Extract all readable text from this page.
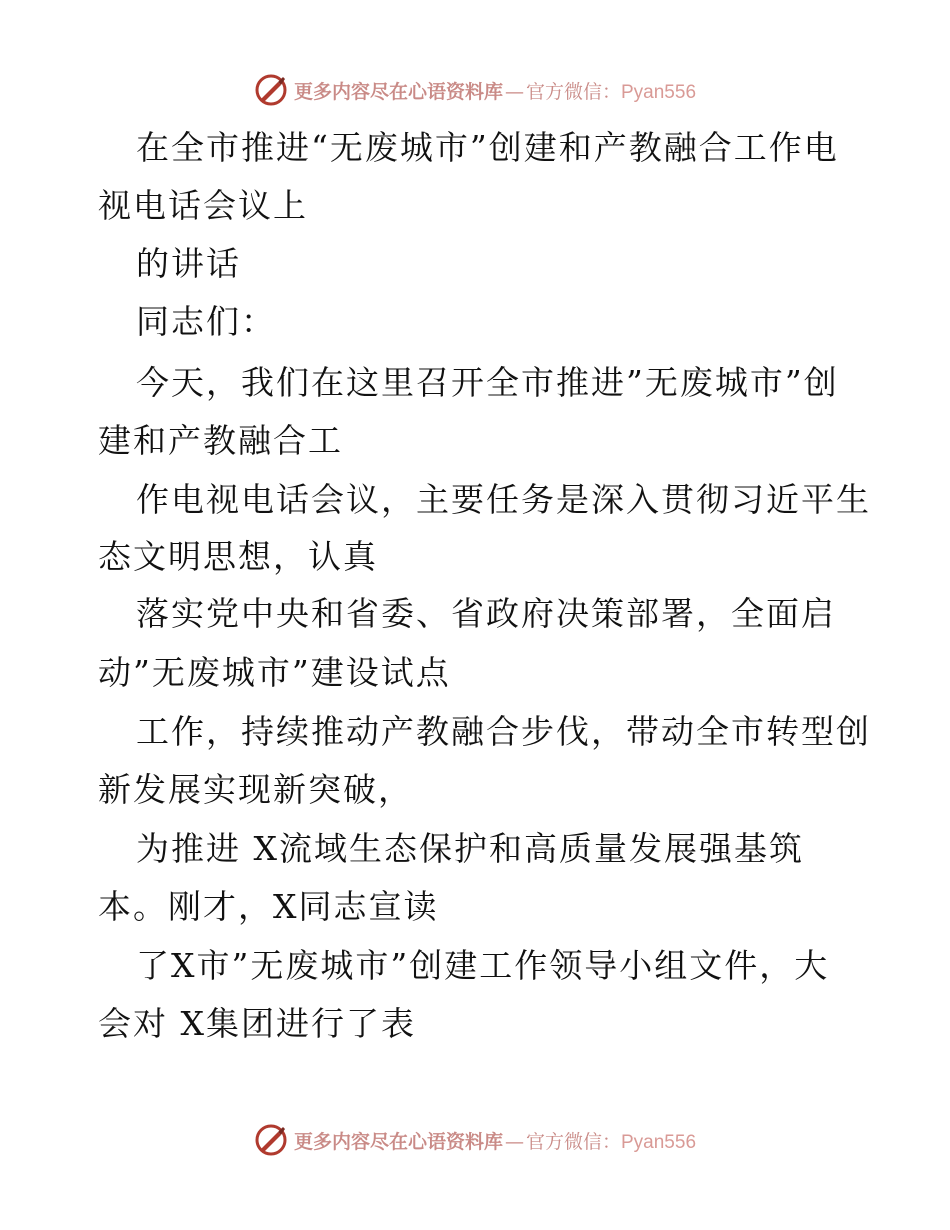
更多内容尽在心语资料库 — 官方微信： Pyan556
在全市推进“无废城市”创建和产教融合工作电
视电话会议上
的讲话
同志们：
今天，我们在这里召开全市推进”无废城市”创
建和产教融合工
作电视电话会议，主要任务是深入贯彻习近平生
态文明思想，认真
落实党中央和省委、省政府决策部署，全面启
动”无废城市”建设试点
工作，持续推动产教融合步伐，带动全市转型创
新发展实现新突破，
为推进 X流域生态保护和高质量发展强基筑
本。刚才，X同志宣读
了X市”无废城市”创建工作领导小组文件，大
会对 X集团进行了表
更多内容尽在心语资料库 — 官方微信： Pyan556
